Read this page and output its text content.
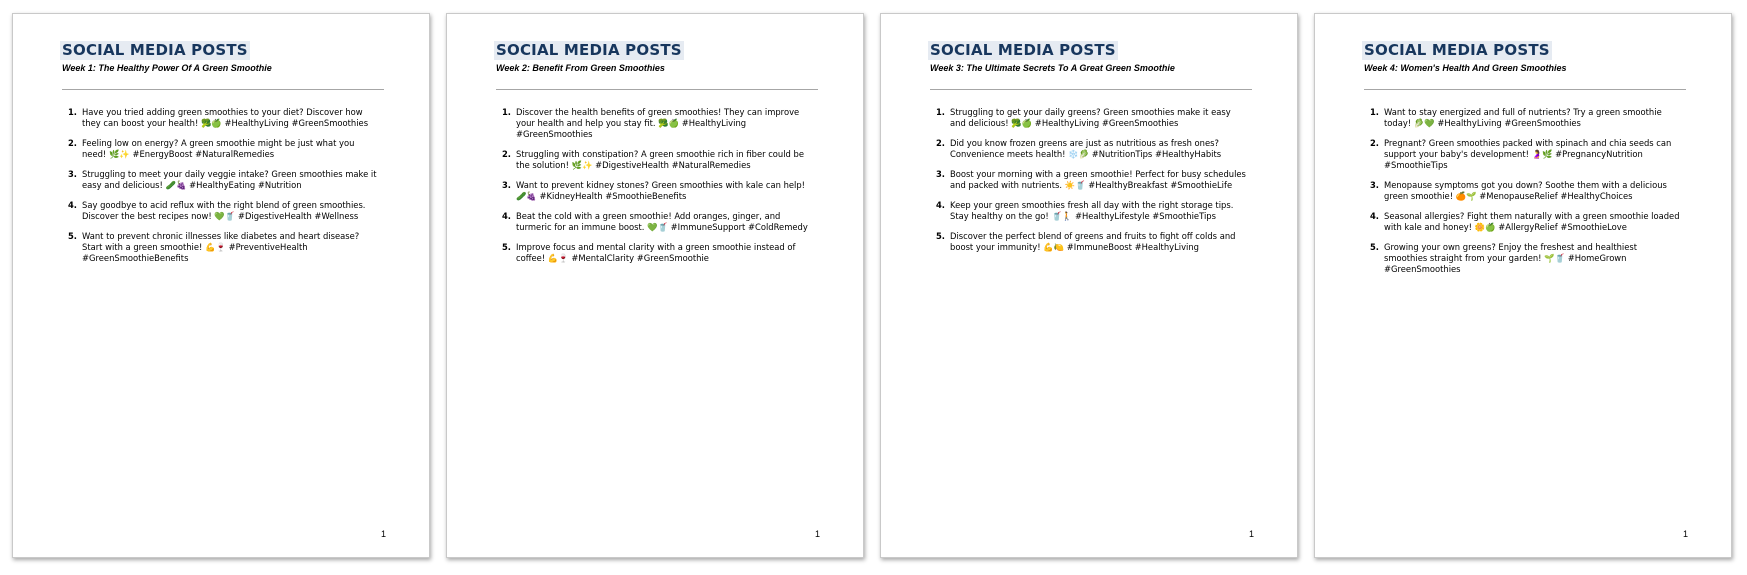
SOCIAL MEDIA POSTS
Week 1: The Healthy Power Of A Green Smoothie
1. Have you tried adding green smoothies to your diet? Discover how they can boost your health! 🥦🍏 #HealthyLiving #GreenSmoothies
2. Feeling low on energy? A green smoothie might be just what you need! 🌿✨ #EnergyBoost #NaturalRemedies
3. Struggling to meet your daily veggie intake? Green smoothies make it easy and delicious! 🥒🍇 #HealthyEating #Nutrition
4. Say goodbye to acid reflux with the right blend of green smoothies. Discover the best recipes now! 💚🥤 #DigestiveHealth #Wellness
5. Want to prevent chronic illnesses like diabetes and heart disease? Start with a green smoothie! 💪🍷 #PreventiveHealth #GreenSmoothieBenefits
1
SOCIAL MEDIA POSTS
Week 2: Benefit From Green Smoothies
1. Discover the health benefits of green smoothies! They can improve your health and help you stay fit. 🥦🍏 #HealthyLiving #GreenSmoothies
2. Struggling with constipation? A green smoothie rich in fiber could be the solution! 🌿✨ #DigestiveHealth #NaturalRemedies
3. Want to prevent kidney stones? Green smoothies with kale can help! 🥒🍇 #KidneyHealth #SmoothieBenefits
4. Beat the cold with a green smoothie! Add oranges, ginger, and turmeric for an immune boost. 💚🥤 #ImmuneSupport #ColdRemedy
5. Improve focus and mental clarity with a green smoothie instead of coffee! 💪🍷 #MentalClarity #GreenSmoothie
1
SOCIAL MEDIA POSTS
Week 3: The Ultimate Secrets To A Great Green Smoothie
1. Struggling to get your daily greens? Green smoothies make it easy and delicious! 🥦🍏 #HealthyLiving #GreenSmoothies
2. Did you know frozen greens are just as nutritious as fresh ones? Convenience meets health! ❄️🥬 #NutritionTips #HealthyHabits
3. Boost your morning with a green smoothie! Perfect for busy schedules and packed with nutrients. ☀️🥤 #HealthyBreakfast #SmoothieLife
4. Keep your green smoothies fresh all day with the right storage tips. Stay healthy on the go! 🥤🚶 #HealthyLifestyle #SmoothieTips
5. Discover the perfect blend of greens and fruits to fight off colds and boost your immunity! 💪🍋 #ImmuneBoost #HealthyLiving
1
SOCIAL MEDIA POSTS
Week 4: Women's Health And Green Smoothies
1. Want to stay energized and full of nutrients? Try a green smoothie today! 🥬💚 #HealthyLiving #GreenSmoothies
2. Pregnant? Green smoothies packed with spinach and chia seeds can support your baby's development! 🤰🌿 #PregnancyNutrition #SmoothieTips
3. Menopause symptoms got you down? Soothe them with a delicious green smoothie! 🍊🌱 #MenopauseRelief #HealthyChoices
4. Seasonal allergies? Fight them naturally with a green smoothie loaded with kale and honey! 🌼🍏 #AllergyRelief #SmoothieLove
5. Growing your own greens? Enjoy the freshest and healthiest smoothies straight from your garden! 🌱🥤 #HomeGrown #GreenSmoothies
1
